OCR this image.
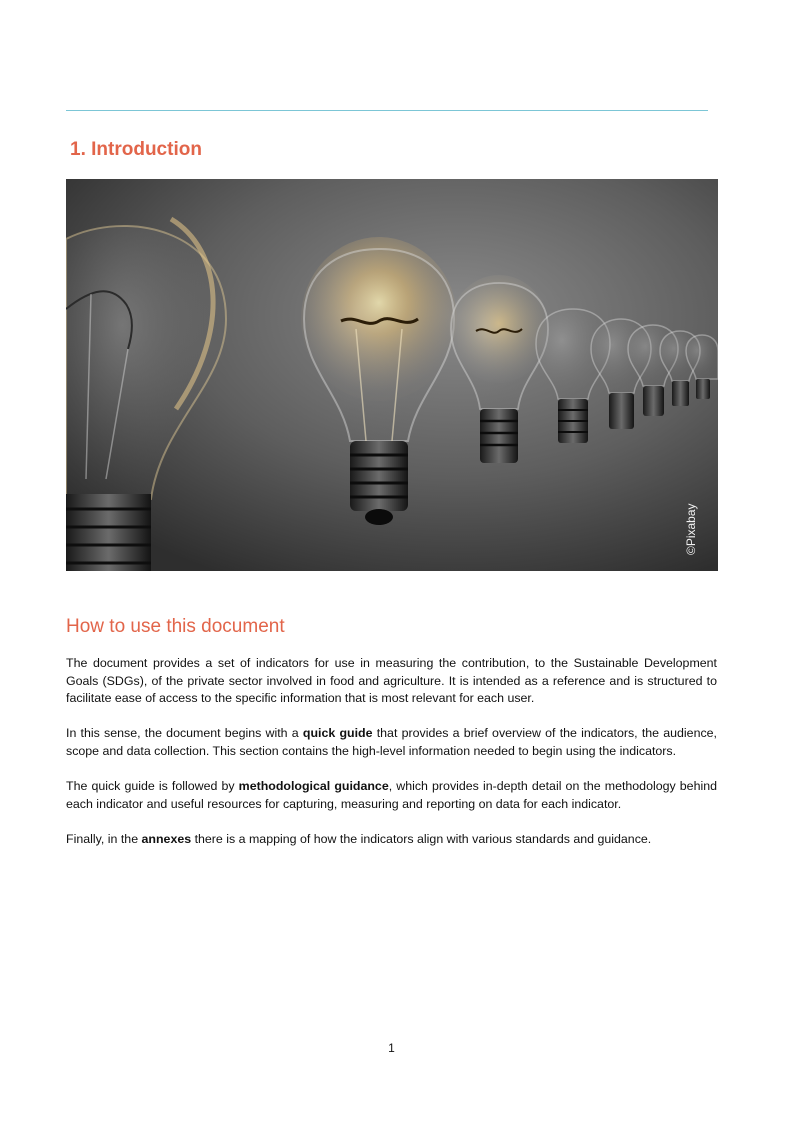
1. Introduction
©Pixabay
How to use this document

The document provides a set of indicators for use in measuring the contribution, to the Sustainable Development Goals (SDGs), of the private sector involved in food and agriculture. It is intended as a reference and is structured to facilitate ease of access to the specific information that is most relevant for each user.

In this sense, the document begins with a quick guide that provides a brief overview of the indicators, the audience, scope and data collection. This section contains the high-level information needed to begin using the indicators.

The quick guide is followed by methodological guidance, which provides in-depth detail on the methodology behind each indicator and useful resources for capturing, measuring and reporting on data for each indicator.

Finally, in the annexes there is a mapping of how the indicators align with various standards and guidance.

1
